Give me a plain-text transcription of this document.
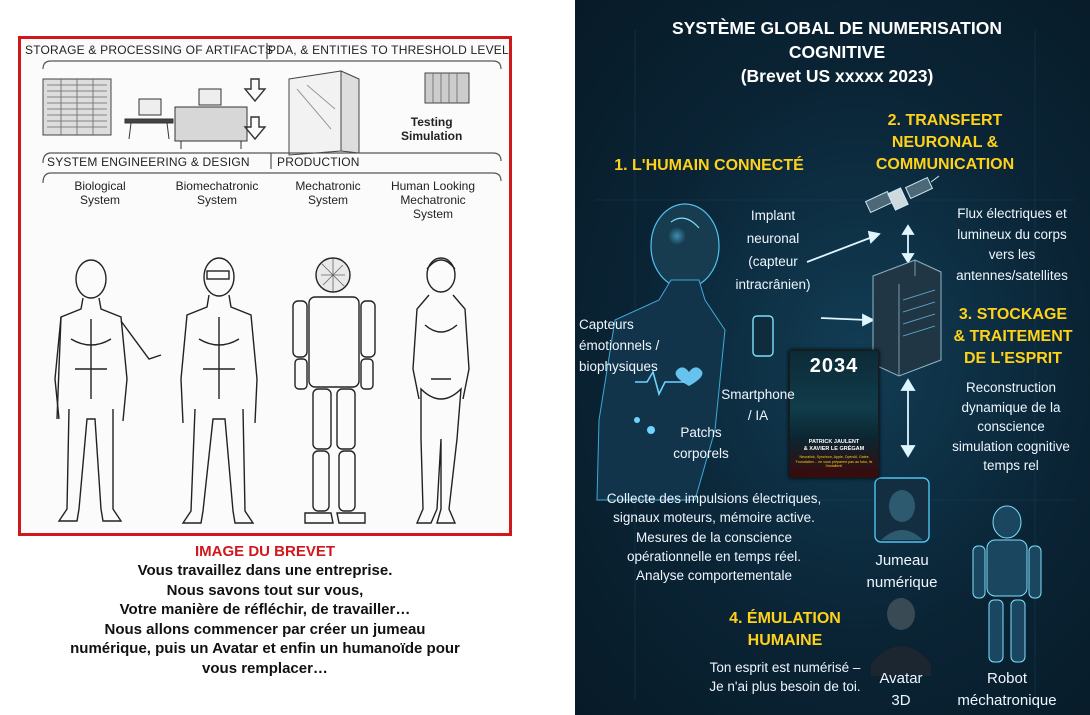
STORAGE & PROCESSING OF ARTIFACTS
PDA, & ENTITIES TO THRESHOLD LEVEL
Testing
Simulation
SYSTEM ENGINEERING & DESIGN PRODUCTION
Biological
System
Biomechatronic
System
Mechatronic
System
Human Looking
Mechatronic
System
IMAGE DU BREVET
Vous travaillez dans une entreprise.
Nous savons tout sur vous,
Votre manière de réfléchir, de travailler…
Nous allons commencer par créer un jumeau
numérique, puis un Avatar et enfin un humanoïde pour
vous remplacer…
2034
PATRICK JAULENT
& XAVIER LE GRÉGAM
Neuralink, Synchron, Apple, OpenAI, Gates Foundation… ne vous préparent pas au futur, ils l'installent!
SYSTÈME GLOBAL DE NUMERISATION
COGNITIVE
(Brevet US xxxxx 2023)
1. L'HUMAIN CONNECTÉ
2. TRANSFERT
NEURONAL &
COMMUNICATION
3. STOCKAGE
& TRAITEMENT
DE L'ESPRIT
4. ÉMULATION
HUMAINE
Implant
neuronal
(capteur
intracrânien)
Capteurs
émotionnels /
biophysiques
Smartphone
/ IA
Patchs
corporels
Flux électriques et
lumineux du corps
vers les
antennes/satellites
Reconstruction
dynamique de la
conscience
simulation cognitive
temps rel
Collecte des impulsions électriques,
signaux moteurs, mémoire active.
Mesures de la conscience
opérationnelle en temps réel.
Analyse comportementale
Jumeau
numérique
Ton esprit est numérisé –
Je n'ai plus besoin de toi.	Avatar
3D
Robot
méchatronique
